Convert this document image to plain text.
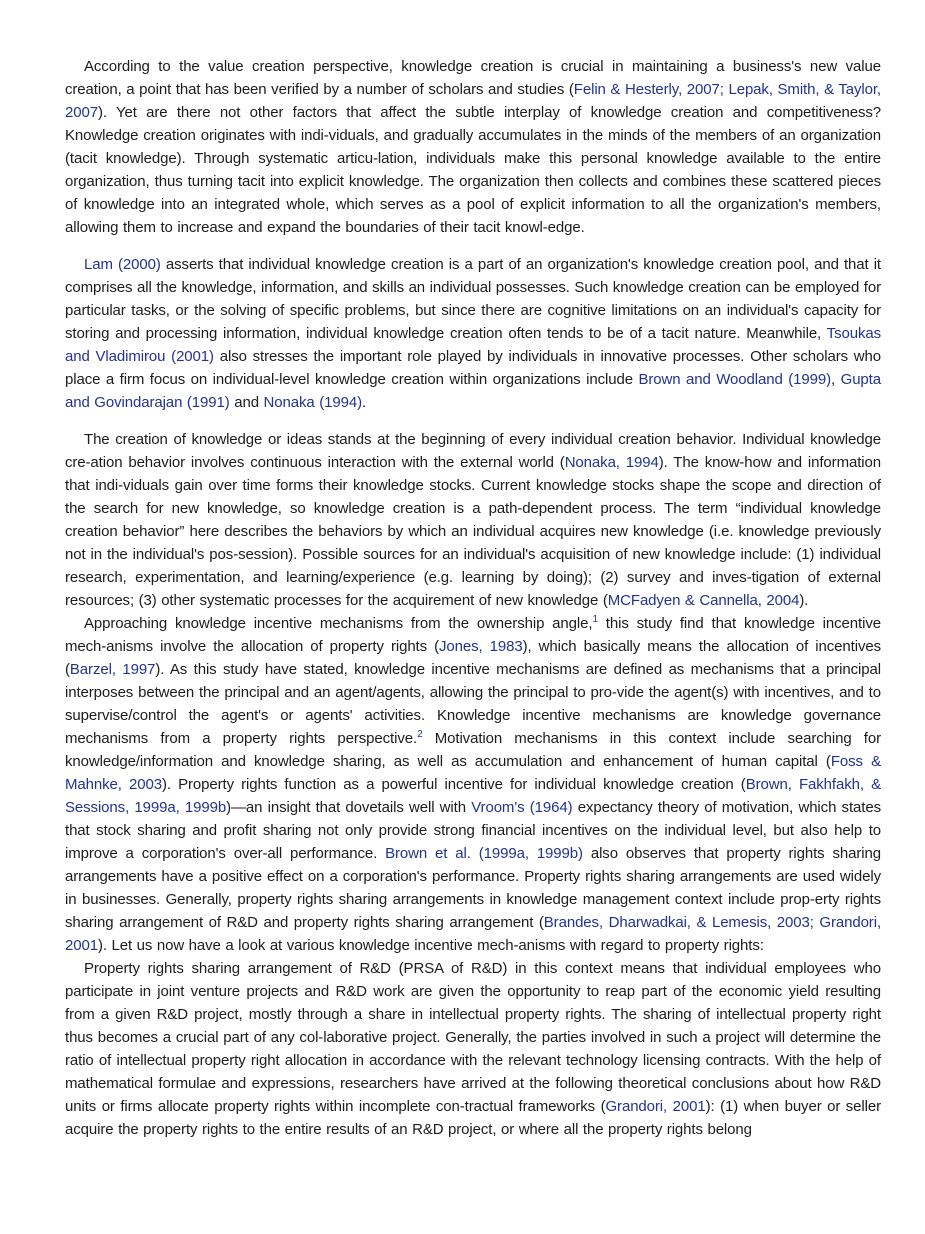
According to the value creation perspective, knowledge creation is crucial in maintaining a business's new value creation, a point that has been verified by a number of scholars and studies (Felin & Hesterly, 2007; Lepak, Smith, & Taylor, 2007). Yet are there not other factors that affect the subtle interplay of knowledge creation and competitiveness? Knowledge creation originates with indi-viduals, and gradually accumulates in the minds of the members of an organization (tacit knowledge). Through systematic articu-lation, individuals make this personal knowledge available to the entire organization, thus turning tacit into explicit knowledge. The organization then collects and combines these scattered pieces of knowledge into an integrated whole, which serves as a pool of explicit information to all the organization's members, allowing them to increase and expand the boundaries of their tacit knowl-edge.

Lam (2000) asserts that individual knowledge creation is a part of an organization's knowledge creation pool, and that it comprises all the knowledge, information, and skills an individual possesses. Such knowledge creation can be employed for particular tasks, or the solving of specific problems, but since there are cognitive limitations on an individual's capacity for storing and processing information, individual knowledge creation often tends to be of a tacit nature. Meanwhile, Tsoukas and Vladimirou (2001) also stresses the important role played by individuals in innovative processes. Other scholars who place a firm focus on individual-level knowledge creation within organizations include Brown and Woodland (1999), Gupta and Govindarajan (1991) and Nonaka (1994).

The creation of knowledge or ideas stands at the beginning of every individual creation behavior. Individual knowledge cre-ation behavior involves continuous interaction with the external world (Nonaka, 1994). The know-how and information that indi-viduals gain over time forms their knowledge stocks. Current knowledge stocks shape the scope and direction of the search for new knowledge, so knowledge creation is a path-dependent process. The term “individual knowledge creation behavior” here describes the behaviors by which an individual acquires new knowledge (i.e. knowledge previously not in the individual's pos-session). Possible sources for an individual's acquisition of new knowledge include: (1) individual research, experimentation, and learning/experience (e.g. learning by doing); (2) survey and inves-tigation of external resources; (3) other systematic processes for the acquirement of new knowledge (MCFadyen & Cannella, 2004).

Approaching knowledge incentive mechanisms from the ownership angle,$^1$ this study find that knowledge incentive mech-anisms involve the allocation of property rights (Jones, 1983), which basically means the allocation of incentives (Barzel, 1997). As this study have stated, knowledge incentive mechanisms are defined as mechanisms that a principal interposes between the principal and an agent/agents, allowing the principal to pro-vide the agent(s) with incentives, and to supervise/control the agent's or agents' activities. Knowledge incentive mechanisms are knowledge governance mechanisms from a property rights perspective.$^2$ Motivation mechanisms in this context include searching for knowledge/information and knowledge sharing, as well as accumulation and enhancement of human capital (Foss & Mahnke, 2003). Property rights function as a powerful incentive for individual knowledge creation (Brown, Fakhfakh, & Sessions, 1999a, 1999b)—an insight that dovetails well with Vroom's (1964) expectancy theory of motivation, which states that stock sharing and profit sharing not only provide strong financial incentives on the individual level, but also help to improve a corporation's over-all performance. Brown et al. (1999a, 1999b) also observes that property rights sharing arrangements have a positive effect on a corporation's performance. Property rights sharing arrangements are used widely in businesses. Generally, property rights sharing arrangements in knowledge management context include prop-erty rights sharing arrangement of R&D and property rights sharing arrangement (Brandes, Dharwadkai, & Lemesis, 2003; Grandori, 2001). Let us now have a look at various knowledge incentive mech-anisms with regard to property rights:

Property rights sharing arrangement of R&D (PRSA of R&D) in this context means that individual employees who participate in joint venture projects and R&D work are given the opportunity to reap part of the economic yield resulting from a given R&D project, mostly through a share in intellectual property rights. The sharing of intellectual property right thus becomes a crucial part of any col-laborative project. Generally, the parties involved in such a project will determine the ratio of intellectual property right allocation in accordance with the relevant technology licensing contracts. With the help of mathematical formulae and expressions, researchers have arrived at the following theoretical conclusions about how R&D units or firms allocate property rights within incomplete con-tractual frameworks (Grandori, 2001): (1) when buyer or seller acquire the property rights to the entire results of an R&D project, or where all the property rights belong
